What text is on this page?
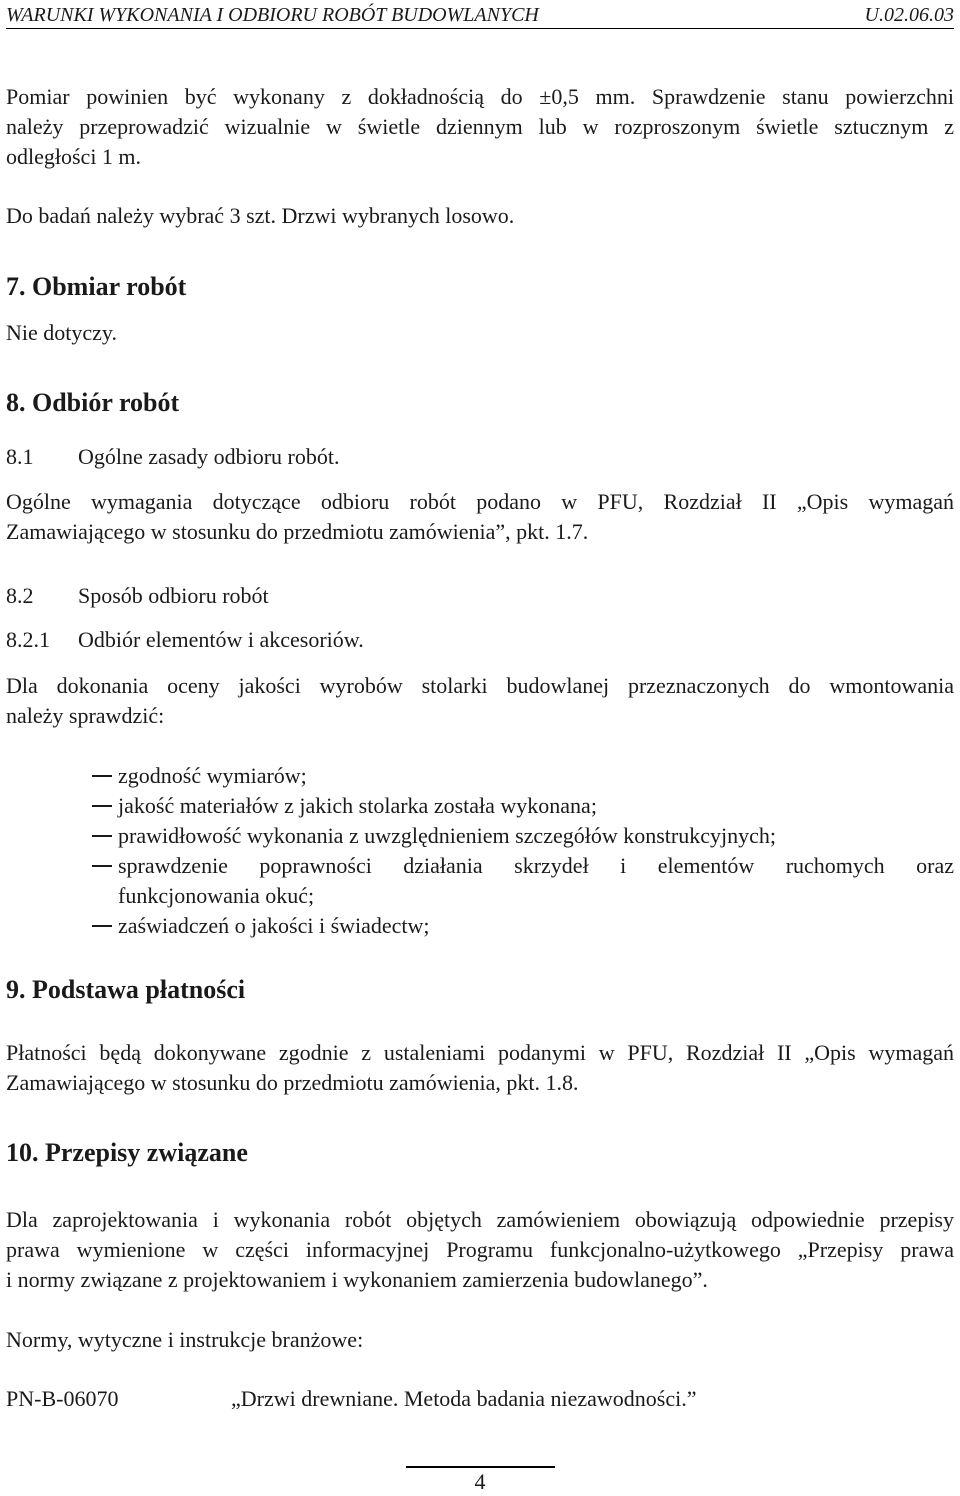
WARUNKI WYKONANIA I ODBIORU ROBÓT BUDOWLANYCH	U.02.06.03
Pomiar powinien być wykonany z dokładnością do ±0,5 mm. Sprawdzenie stanu powierzchni
należy przeprowadzić wizualnie w świetle dziennym lub w rozproszonym świetle sztucznym z
odległości 1 m.
Do badań należy wybrać 3 szt. Drzwi wybranych losowo.
7. Obmiar robót
Nie dotyczy.
8. Odbiór robót
8.1 Ogólne zasady odbioru robót.
Ogólne wymagania dotyczące odbioru robót podano w PFU, Rozdział II „Opis wymagań
Zamawiającego w stosunku do przedmiotu zamówienia”, pkt. 1.7.
8.2 Sposób odbioru robót
8.2.1 Odbiór elementów i akcesoriów.
Dla dokonania oceny jakości wyrobów stolarki budowlanej przeznaczonych do wmontowania
należy sprawdzić:
zgodność wymiarów;
jakość materiałów z jakich stolarka została wykonana;
prawidłowość wykonania z uwzględnieniem szczegółów konstrukcyjnych;
sprawdzenie poprawności działania skrzydeł i elementów ruchomych oraz
funkcjonowania okuć;
zaświadczeń o jakości i świadectw;
9. Podstawa płatności
Płatności będą dokonywane zgodnie z ustaleniami podanymi w PFU, Rozdział II „Opis wymagań
Zamawiającego w stosunku do przedmiotu zamówienia, pkt. 1.8.
10. Przepisy związane
Dla zaprojektowania i wykonania robót objętych zamówieniem obowiązują odpowiednie przepisy
prawa wymienione w części informacyjnej Programu funkcjonalno-użytkowego „Przepisy prawa
i normy związane z projektowaniem i wykonaniem zamierzenia budowlanego”.
Normy, wytyczne i instrukcje branżowe:
PN-B-06070	„Drzwi drewniane. Metoda badania niezawodności.”
4
